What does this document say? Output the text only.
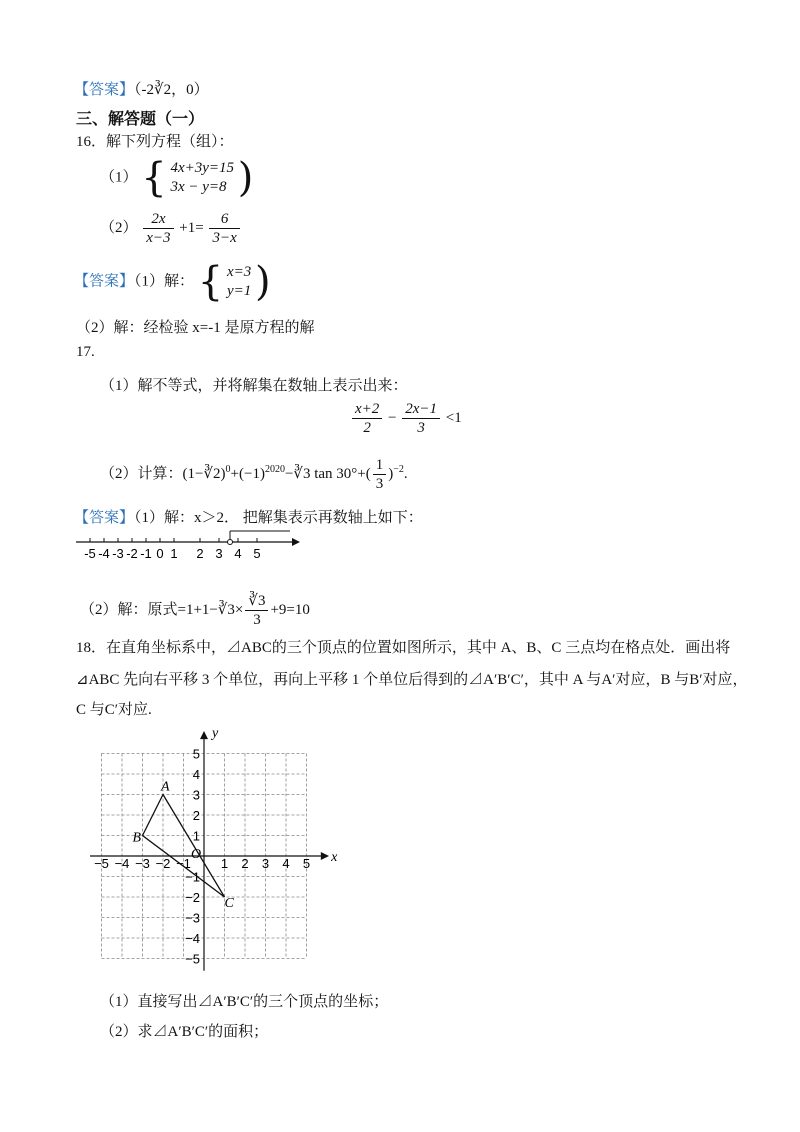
【答案】（-2∛2，0）
三、解答题（一）
16．解下列方程（组）：
（1） { 4x+3y=15
3x − y=8 )
$(2) \frac{2x}{x-3} +1= \frac{6}{3-x}$
【答案】（1）解： { x=3
y=1 )
（2）解：经检验 x=-1 是原方程的解
17.
（1）解不等式，并将解集在数轴上表示出来：
$\frac{x+2}{2} - \frac{2x-1}{3} <1$
（2）计算：$(1-∛2)^0+(-1)^{2020}-∛3$ $\tan 30^\circ+( \frac{1}{3} )^{-2}$.
【答案】（1）解：x＞2． 把解集表示再数轴上如下：
-5 -4 -3 -2 -1 0 1 2 3 4 5
（2）解：原式=1+1−∛3× $\frac{∛3}{3} +9=10$
18．在直角坐标系中，⊿ABC的三个顶点的位置如图所示，其中 A、B、C 三点均在格点处．画出将
⊿ABC 先向右平移 3 个单位，再向上平移 1 个单位后得到的⊿A′B′C′，其中 A 与A′对应，B 与B′对应，
C 与C′对应.
x
y
O
−5 −4 −3 −2 −1 1 2 3 4 5
5
4
3
2
1
−1
−2
−3
−4
−5
A
B
C
（1）直接写出⊿A′B′C′的三个顶点的坐标；
（2）求⊿A′B′C′的面积；
